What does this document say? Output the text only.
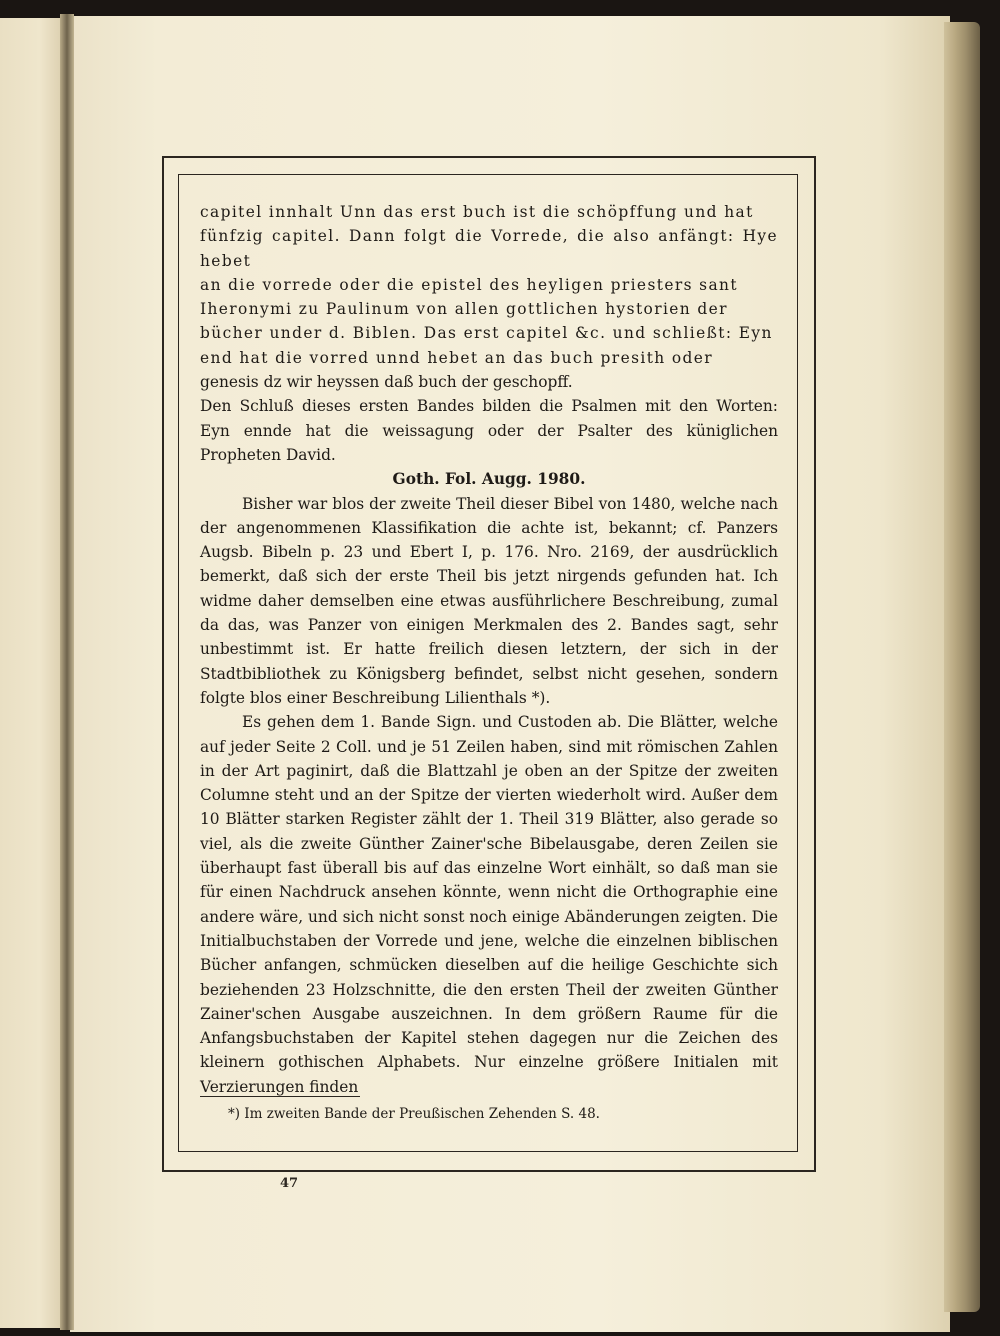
capitel innhalt Unn das erst buch ist die schöpffung und hat

fünfzig capitel. Dann folgt die Vorrede, die also anfängt: Hye hebet

an die vorrede oder die epistel des heyligen priesters sant

Iheronymi zu Paulinum von allen gottlichen hystorien der

bücher under d. Biblen. Das erst capitel &c. und schließt: Eyn

end hat die vorred unnd hebet an das buch presith oder

genesis dz wir heyssen daß buch der geschopff.

Den Schluß dieses ersten Bandes bilden die Psalmen mit den Worten: Eyn ennde hat die weissagung oder der Psalter des küniglichen Propheten David.

Goth. Fol. Augg. 1980.

Bisher war blos der zweite Theil dieser Bibel von 1480, welche nach der angenommenen Klassifikation die achte ist, bekannt; cf. Panzers Augsb. Bibeln p. 23 und Ebert I, p. 176. Nro. 2169, der ausdrücklich bemerkt, daß sich der erste Theil bis jetzt nirgends gefunden hat. Ich widme daher demselben eine etwas ausführlichere Beschreibung, zumal da das, was Panzer von einigen Merkmalen des 2. Bandes sagt, sehr unbestimmt ist. Er hatte freilich diesen letztern, der sich in der Stadtbibliothek zu Königsberg befindet, selbst nicht gesehen, sondern folgte blos einer Beschreibung Lilienthals *).

Es gehen dem 1. Bande Sign. und Custoden ab. Die Blätter, welche auf jeder Seite 2 Coll. und je 51 Zeilen haben, sind mit römischen Zahlen in der Art paginirt, daß die Blattzahl je oben an der Spitze der zweiten Columne steht und an der Spitze der vierten wiederholt wird. Außer dem 10 Blätter starken Register zählt der 1. Theil 319 Blätter, also gerade so viel, als die zweite Günther Zainer'sche Bibelausgabe, deren Zeilen sie überhaupt fast überall bis auf das einzelne Wort einhält, so daß man sie für einen Nachdruck ansehen könnte, wenn nicht die Orthographie eine andere wäre, und sich nicht sonst noch einige Abänderungen zeigten. Die Initialbuchstaben der Vorrede und jene, welche die einzelnen biblischen Bücher anfangen, schmücken dieselben auf die heilige Geschichte sich beziehenden 23 Holzschnitte, die den ersten Theil der zweiten Günther Zainer'schen Ausgabe auszeichnen. In dem größern Raume für die Anfangsbuchstaben der Kapitel stehen dagegen nur die Zeichen des kleinern gothischen Alphabets. Nur einzelne größere Initialen mit Verzierungen finden

*) Im zweiten Bande der Preußischen Zehenden S. 48.
47
